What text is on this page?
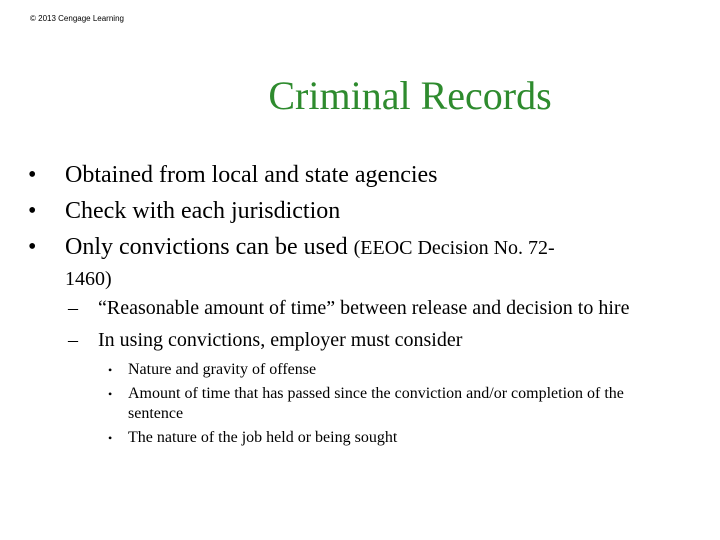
© 2013 Cengage Learning
Criminal Records
• Obtained from local and state agencies
• Check with each jurisdiction
• Only convictions can be used (EEOC Decision No. 72-
1460)
– “Reasonable amount of time” between release and decision to hire
– In using convictions, employer must consider
• Nature and gravity of offense
• Amount of time that has passed since the conviction and/or completion of the sentence
• The nature of the job held or being sought
